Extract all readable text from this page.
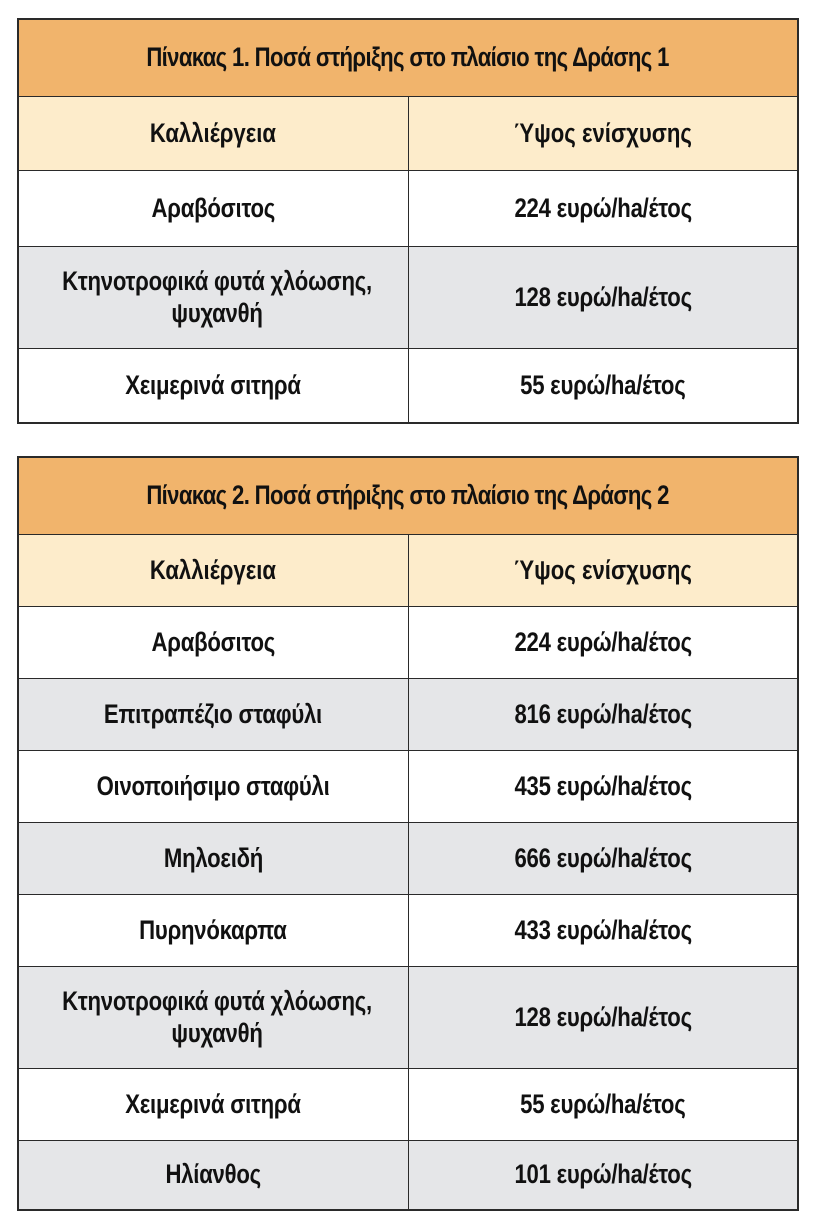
Πίνακας 1. Ποσά στήριξης στο πλαίσιο της Δράσης 1	
Καλλιέργεια	Ύψος ενίσχυσης
Αραβόσιτος	224 ευρώ/ha/έτος
Κτηνοτροφικά φυτά χλόωσης, ψυχανθή	128 ευρώ/ha/έτος
Χειμερινά σιτηρά	55 ευρώ/ha/έτος
Πίνακας 2. Ποσά στήριξης στο πλαίσιο της Δράσης 2	
Καλλιέργεια	Ύψος ενίσχυσης
Αραβόσιτος	224 ευρώ/ha/έτος
Επιτραπέζιο σταφύλι	816 ευρώ/ha/έτος
Οινοποιήσιμο σταφύλι	435 ευρώ/ha/έτος
Μηλοειδή	666 ευρώ/ha/έτος
Πυρηνόκαρπα	433 ευρώ/ha/έτος
Κτηνοτροφικά φυτά χλόωσης, ψυχανθή	128 ευρώ/ha/έτος
Χειμερινά σιτηρά	55 ευρώ/ha/έτος
Ηλίανθος	101 ευρώ/ha/έτος
